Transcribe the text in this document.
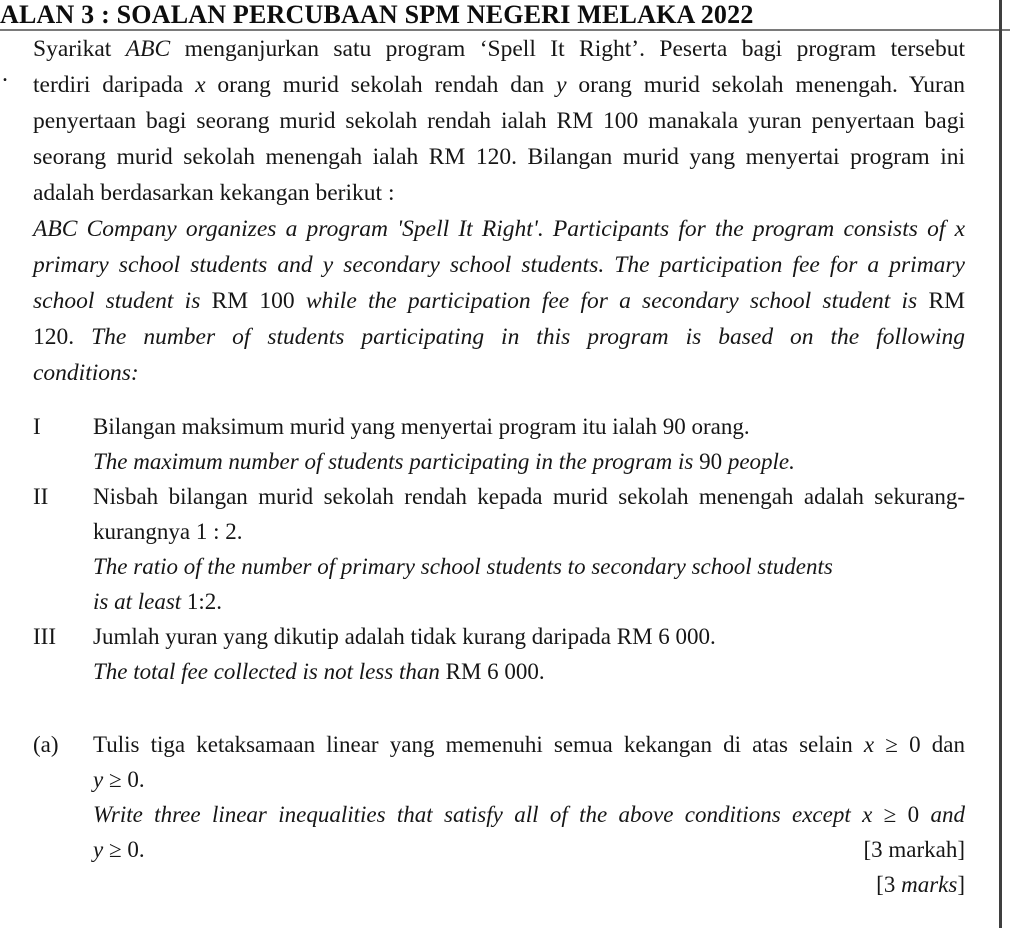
ALAN 3 : SOALAN PERCUBAAN SPM NEGERI MELAKA 2022
.
Syarikat ABC menganjurkan satu program ‘Spell It Right’. Peserta bagi program tersebut
terdiri daripada x orang murid sekolah rendah dan y orang murid sekolah menengah. Yuran
penyertaan bagi seorang murid sekolah rendah ialah RM 100 manakala yuran penyertaan bagi
seorang murid sekolah menengah ialah RM 120. Bilangan murid yang menyertai program ini
adalah berdasarkan kekangan berikut :
ABC Company organizes a program 'Spell It Right'. Participants for the program consists of x
primary school students and y secondary school students. The participation fee for a primary
school student is RM 100 while the participation fee for a secondary school student is RM
120. The number of students participating in this program is based on the following
conditions:
I	Bilangan maksimum murid yang menyertai program itu ialah 90 orang.
The maximum number of students participating in the program is 90 people.
II	Nisbah bilangan murid sekolah rendah kepada murid sekolah menengah adalah sekurang-
kurangnya 1 : 2.
The ratio of the number of primary school students to secondary school students
is at least 1:2.
III	Jumlah yuran yang dikutip adalah tidak kurang daripada RM 6 000.
The total fee collected is not less than RM 6 000.
(a)	Tulis tiga ketaksamaan linear yang memenuhi semua kekangan di atas selain x ≥ 0 dan
y ≥ 0.
Write three linear inequalities that satisfy all of the above conditions except x ≥ 0 and
y ≥ 0.	[3 markah]
[3 marks]
